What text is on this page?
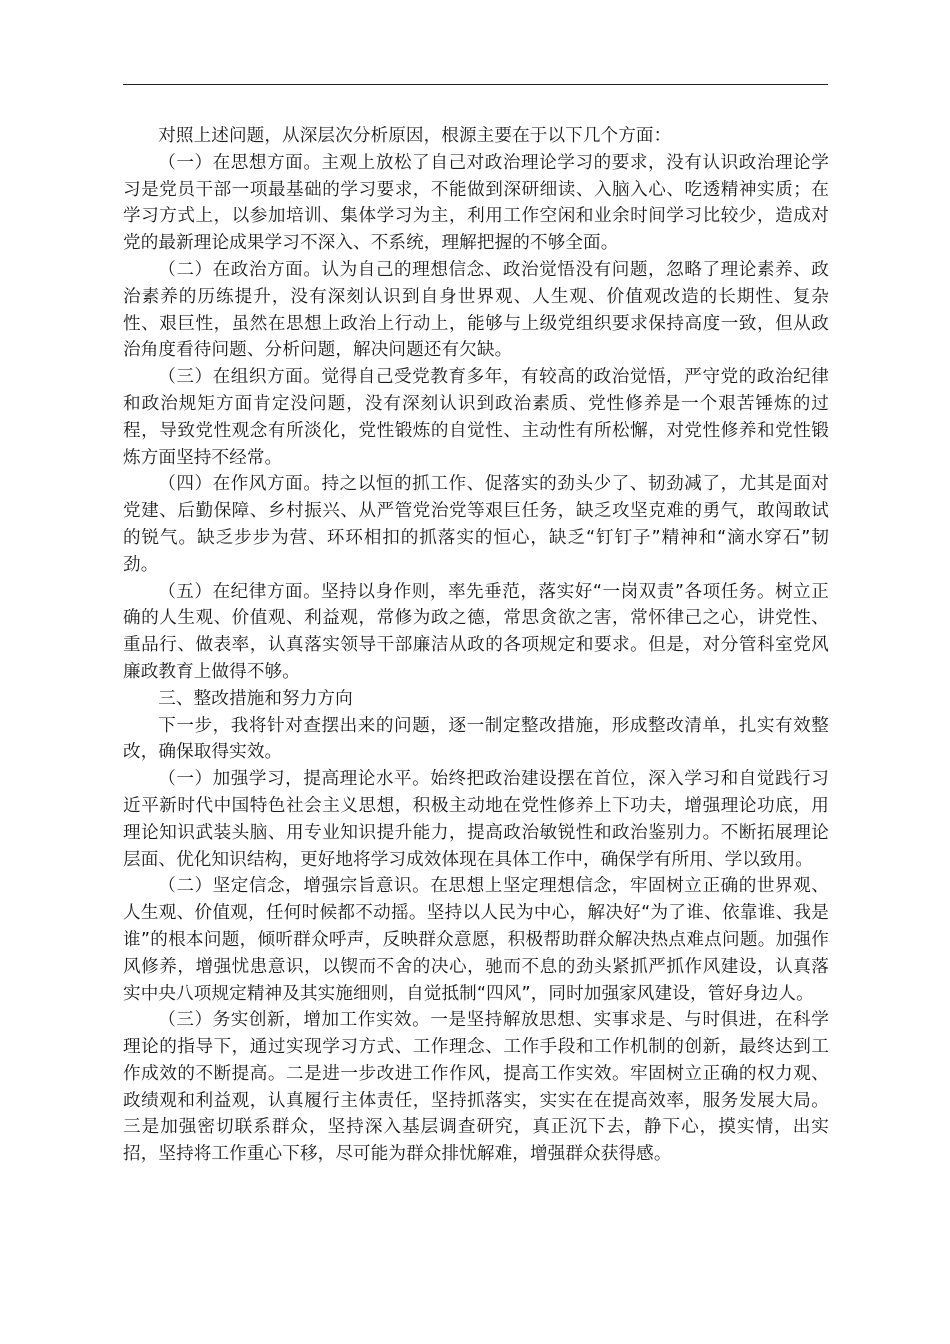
对照上述问题，从深层次分析原因，根源主要在于以下几个方面：

（一）在思想方面。主观上放松了自己对政治理论学习的要求，没有认识政治理论学习是党员干部一项最基础的学习要求，不能做到深研细读、入脑入心、吃透精神实质；在学习方式上，以参加培训、集体学习为主，利用工作空闲和业余时间学习比较少，造成对党的最新理论成果学习不深入、不系统，理解把握的不够全面。

（二）在政治方面。认为自己的理想信念、政治觉悟没有问题，忽略了理论素养、政治素养的历练提升，没有深刻认识到自身世界观、人生观、价值观改造的长期性、复杂性、艰巨性，虽然在思想上政治上行动上，能够与上级党组织要求保持高度一致，但从政治角度看待问题、分析问题，解决问题还有欠缺。

（三）在组织方面。觉得自己受党教育多年，有较高的政治觉悟，严守党的政治纪律和政治规矩方面肯定没问题，没有深刻认识到政治素质、党性修养是一个艰苦锤炼的过程，导致党性观念有所淡化，党性锻炼的自觉性、主动性有所松懈，对党性修养和党性锻炼方面坚持不经常。

（四）在作风方面。持之以恒的抓工作、促落实的劲头少了、韧劲减了，尤其是面对党建、后勤保障、乡村振兴、从严管党治党等艰巨任务，缺乏攻坚克难的勇气，敢闯敢试的锐气。缺乏步步为营、环环相扣的抓落实的恒心，缺乏“钉钉子”精神和“滴水穿石”韧劲。

（五）在纪律方面。坚持以身作则，率先垂范，落实好“一岗双责”各项任务。树立正确的人生观、价值观、利益观，常修为政之德，常思贪欲之害，常怀律己之心，讲党性、重品行、做表率，认真落实领导干部廉洁从政的各项规定和要求。但是，对分管科室党风廉政教育上做得不够。

三、整改措施和努力方向

下一步，我将针对查摆出来的问题，逐一制定整改措施，形成整改清单，扎实有效整改，确保取得实效。

（一）加强学习，提高理论水平。始终把政治建设摆在首位，深入学习和自觉践行习近平新时代中国特色社会主义思想，积极主动地在党性修养上下功夫，增强理论功底，用理论知识武装头脑、用专业知识提升能力，提高政治敏锐性和政治鉴别力。不断拓展理论层面、优化知识结构，更好地将学习成效体现在具体工作中，确保学有所用、学以致用。

（二）坚定信念，增强宗旨意识。在思想上坚定理想信念，牢固树立正确的世界观、人生观、价值观，任何时候都不动摇。坚持以人民为中心，解决好“为了谁、依靠谁、我是谁”的根本问题，倾听群众呼声，反映群众意愿，积极帮助群众解决热点难点问题。加强作风修养，增强忧患意识，以锲而不舍的决心，驰而不息的劲头紧抓严抓作风建设，认真落实中央八项规定精神及其实施细则，自觉抵制“四风”，同时加强家风建设，管好身边人。

（三）务实创新，增加工作实效。一是坚持解放思想、实事求是、与时俱进，在科学理论的指导下，通过实现学习方式、工作理念、工作手段和工作机制的创新，最终达到工作成效的不断提高。二是进一步改进工作作风，提高工作实效。牢固树立正确的权力观、政绩观和利益观，认真履行主体责任，坚持抓落实，实实在在提高效率，服务发展大局。三是加强密切联系群众，坚持深入基层调查研究，真正沉下去，静下心，摸实情，出实招，坚持将工作重心下移，尽可能为群众排忧解难，增强群众获得感。
